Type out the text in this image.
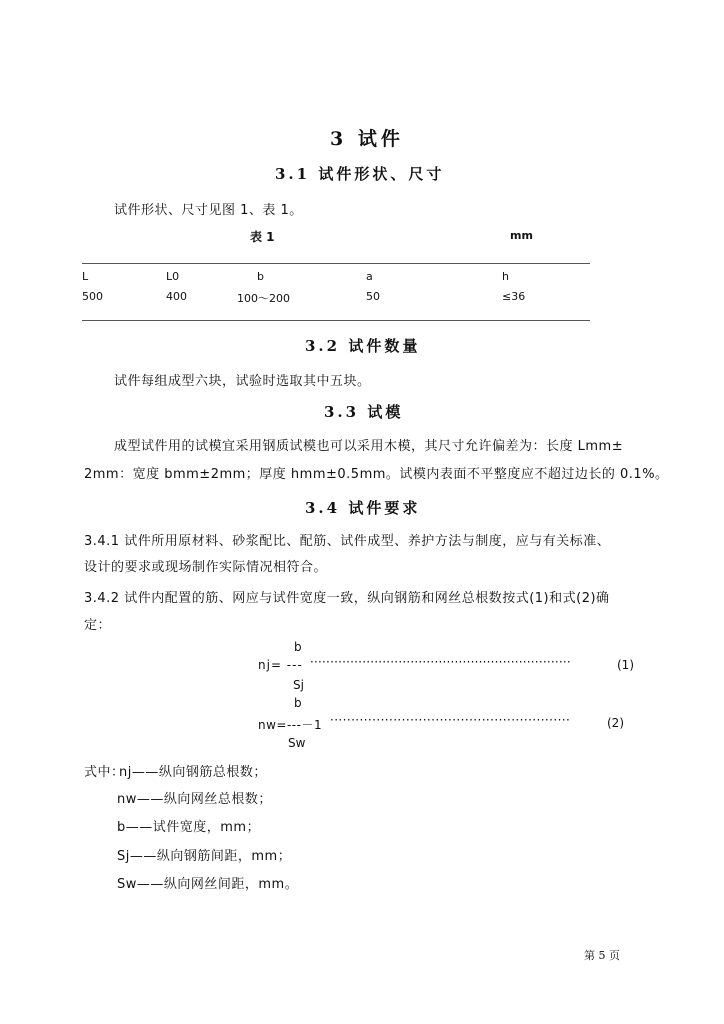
3 试件
3.1 试件形状、尺寸
试件形状、尺寸见图 1、表 1。
表 1	mm
L	L0	b	a	h
500	400	100～200	50	≤36
3.2 试件数量
试件每组成型六块，试验时选取其中五块。
3.3 试模
成型试件用的试模宜采用钢质试模也可以采用木模，其尺寸允许偏差为：长度 Lmm±
2mm：宽度 bmm±2mm；厚度 hmm±0.5mm。试模内表面不平整度应不超过边长的 0.1%。
3.4 试件要求
3.4.1 试件所用原材料、砂浆配比、配筋、试件成型、养护方法与制度，应与有关标准、
设计的要求或现场制作实际情况相符合。
3.4.2 试件内配置的筋、网应与试件宽度一致，纵向钢筋和网丝总根数按式(1)和式(2)确
定：
b
nj= --- ·································································	(1)
Sj
b
nw=---－1 ·························································	(2)
Sw
式中：
nj——纵向钢筋总根数；
nw——纵向网丝总根数；
b——试件宽度，mm；
Sj——纵向钢筋间距，mm；
Sw——纵向网丝间距，mm。
第 5 页
